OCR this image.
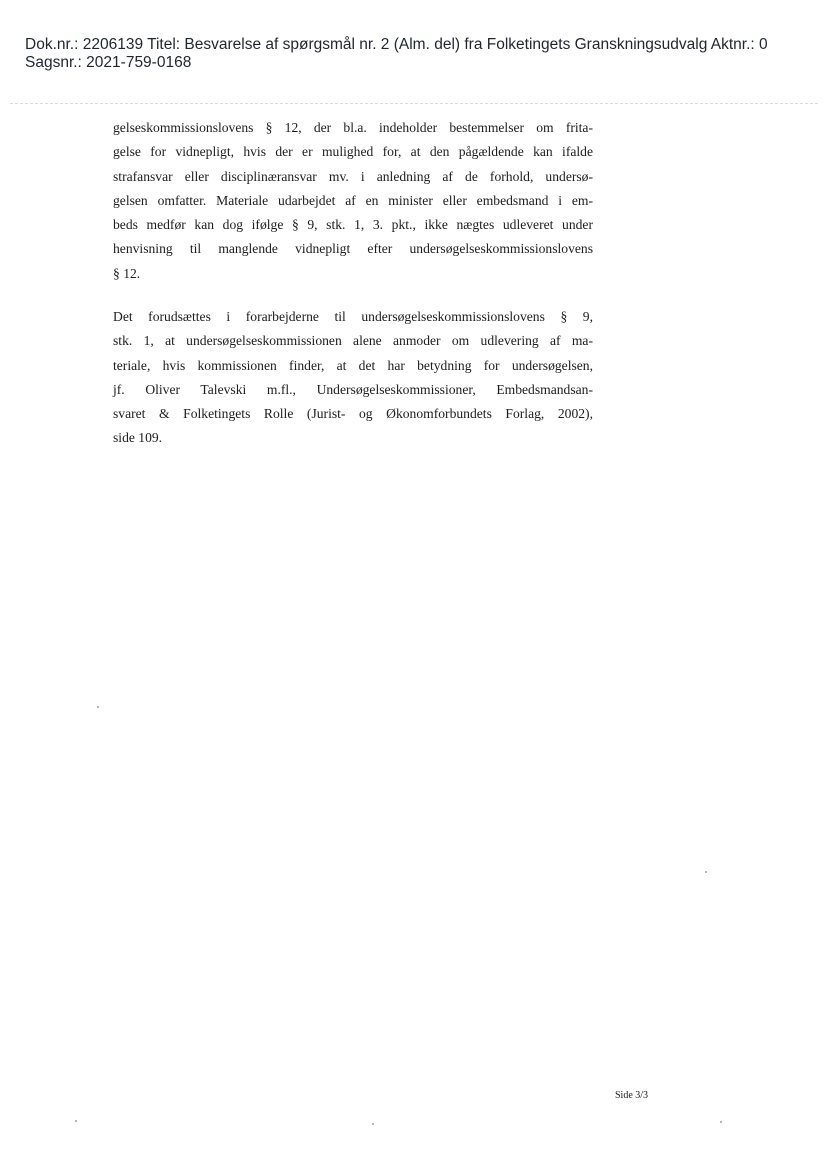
Dok.nr.: 2206139 Titel: Besvarelse af spørgsmål nr. 2 (Alm. del) fra Folketingets Granskningsudvalg Aktnr.: 0
Sagsnr.: 2021-759-0168
gelseskommissionslovens § 12, der bl.a. indeholder bestemmelser om frita-
gelse for vidnepligt, hvis der er mulighed for, at den pågældende kan ifalde
strafansvar eller disciplinæransvar mv. i anledning af de forhold, undersø-
gelsen omfatter. Materiale udarbejdet af en minister eller embedsmand i em-
beds medfør kan dog ifølge § 9, stk. 1, 3. pkt., ikke nægtes udleveret under
henvisning til manglende vidnepligt efter undersøgelseskommissionslovens
§ 12.
Det forudsættes i forarbejderne til undersøgelseskommissionslovens § 9,
stk. 1, at undersøgelseskommissionen alene anmoder om udlevering af ma-
teriale, hvis kommissionen finder, at det har betydning for undersøgelsen,
jf. Oliver Talevski m.fl., Undersøgelseskommissioner, Embedsmandsan-
svaret & Folketingets Rolle (Jurist- og Økonomforbundets Forlag, 2002),
side 109.
Side 3/3
